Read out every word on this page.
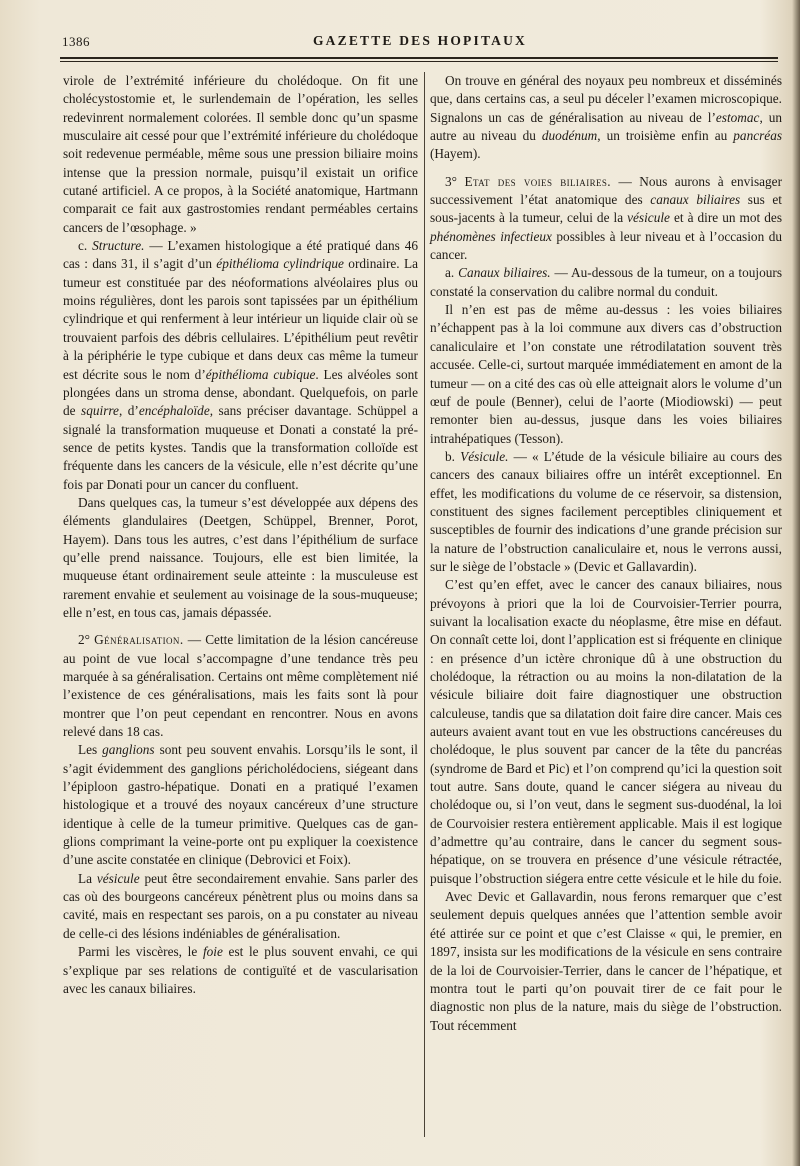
1386	GAZETTE DES HOPITAUX

virole de l’extrémité inférieure du cholédoque. On fit une cholécystostomie et, le surlendemain de l’opération, les selles redevinrent normalement colorées. Il semble donc qu’un spasme musculaire ait cessé pour que l’extrémité inférieure du cholédoque soit redevenue perméable, même sous une pression biliaire moins intense que la pression normale, puisqu’il existait un orifice cutané artificiel. A ce propos, à la Société anatomique, Hartmann comparait ce fait aux gastrostomies rendant perméables certains cancers de l’œsophage. »

c. Structure. — L’examen histologique a été pratiqué dans 46 cas : dans 31, il s’agit d’un épithélioma cylindrique ordinaire. La tumeur est constituée par des néoformations alvéolaires plus ou moins régulières, dont les parois sont tapissées par un épithélium cylindrique et qui renferment à leur intérieur un liquide clair où se trouvaient parfois des débris cellulaires. L’épithélium peut revêtir à la périphérie le type cubique et dans deux cas même la tumeur est décrite sous le nom d’épithélioma cubique. Les alvéoles sont plongées dans un stroma dense, abondant. Quelquefois, on parle de squirre, d’encéphaloïde, sans préciser davantage. Schüppel a signalé la transformation muqueuse et Donati a constaté la présence de petits kystes. Tandis que la transformation colloïde est fréquente dans les cancers de la vésicule, elle n’est décrite qu’une fois par Donati pour un cancer du confluent.

Dans quelques cas, la tumeur s’est développée aux dépens des éléments glandulaires (Deetgen, Schüppel, Brenner, Porot, Hayem). Dans tous les autres, c’est dans l’épithélium de surface qu’elle prend naissance. Toujours, elle est bien limitée, la muqueuse étant ordinairement seule atteinte : la musculeuse est rarement envahie et seulement au voisinage de la sous-muqueuse; elle n’est, en tous cas, jamais dépassée.

2° Généralisation. — Cette limitation de la lésion cancéreuse au point de vue local s’accompagne d’une tendance très peu marquée à sa généralisation. Certains ont même complètement nié l’existence de ces généralisations, mais les faits sont là pour montrer que l’on peut cependant en rencontrer. Nous en avons relevé dans 18 cas.

Les ganglions sont peu souvent envahis. Lorsqu’ils le sont, il s’agit évidemment des ganglions péricholédociens, siégeant dans l’épiploon gastro-hépatique. Donati en a pratiqué l’examen histologique et a trouvé des noyaux cancéreux d’une structure identique à celle de la tumeur primitive. Quelques cas de ganglions comprimant la veine-porte ont pu expliquer la coexistence d’une ascite constatée en clinique (Debrovici et Foix).

La vésicule peut être secondairement envahie. Sans parler des cas où des bourgeons cancéreux pénètrent plus ou moins dans sa cavité, mais en respectant ses parois, on a pu constater au niveau de celle-ci des lésions indéniables de généralisation.

Parmi les viscères, le foie est le plus souvent envahi, ce qui s’explique par ses relations de contiguïté et de vascularisation avec les canaux biliaires.

On trouve en général des noyaux peu nombreux et disséminés que, dans certains cas, a seul pu déceler l’examen microscopique. Signalons un cas de généralisation au niveau de l’estomac, un autre au niveau du duodénum, un troisième enfin au pancréas (Hayem).

3° Etat des voies biliaires. — Nous aurons à envisager successivement l’état anatomique des canaux biliaires sus et sous-jacents à la tumeur, celui de la vésicule et à dire un mot des phénomènes infectieux possibles à leur niveau et à l’occasion du cancer.

a. Canaux biliaires. — Au-dessous de la tumeur, on a toujours constaté la conservation du calibre normal du conduit.

Il n’en est pas de même au-dessus : les voies biliaires n’échappent pas à la loi commune aux divers cas d’obstruction canaliculaire et l’on constate une rétrodilatation souvent très accusée. Celle-ci, surtout marquée immédiatement en amont de la tumeur — on a cité des cas où elle atteignait alors le volume d’un œuf de poule (Benner), celui de l’aorte (Miodiowski) — peut remonter bien au-dessus, jusque dans les voies biliaires intrahépatiques (Tesson).

b. Vésicule. — « L’étude de la vésicule biliaire au cours des cancers des canaux biliaires offre un intérêt exceptionnel. En effet, les modifications du volume de ce réservoir, sa distension, constituent des signes facilement perceptibles cliniquement et susceptibles de fournir des indications d’une grande précision sur la nature de l’obstruction canaliculaire et, nous le verrons aussi, sur le siège de l’obstacle » (Devic et Gallavardin).

C’est qu’en effet, avec le cancer des canaux biliaires, nous prévoyons à priori que la loi de Courvoisier-Terrier pourra, suivant la localisation exacte du néoplasme, être mise en défaut. On connaît cette loi, dont l’application est si fréquente en clinique : en présence d’un ictère chronique dû à une obstruction du cholédoque, la rétraction ou au moins la non-dilatation de la vésicule biliaire doit faire diagnostiquer une obstruction calculeuse, tandis que sa dilatation doit faire dire cancer. Mais ces auteurs avaient avant tout en vue les obstructions cancéreuses du cholédoque, le plus souvent par cancer de la tête du pancréas (syndrome de Bard et Pic) et l’on comprend qu’ici la question soit tout autre. Sans doute, quand le cancer siégera au niveau du cholédoque ou, si l’on veut, dans le segment sus-duodénal, la loi de Courvoisier restera entièrement applicable. Mais il est logique d’admettre qu’au contraire, dans le cancer du segment sous-hépatique, on se trouvera en présence d’une vésicule rétractée, puisque l’obstruction siégera entre cette vésicule et le hile du foie.

Avec Devic et Gallavardin, nous ferons remarquer que c’est seulement depuis quelques années que l’attention semble avoir été attirée sur ce point et que c’est Claisse « qui, le premier, en 1897, insista sur les modifications de la vésicule en sens contraire de la loi de Courvoisier-Terrier, dans le cancer de l’hépatique, et montra tout le parti qu’on pouvait tirer de ce fait pour le diagnostic non plus de la nature, mais du siège de l’obstruction. Tout récemment
